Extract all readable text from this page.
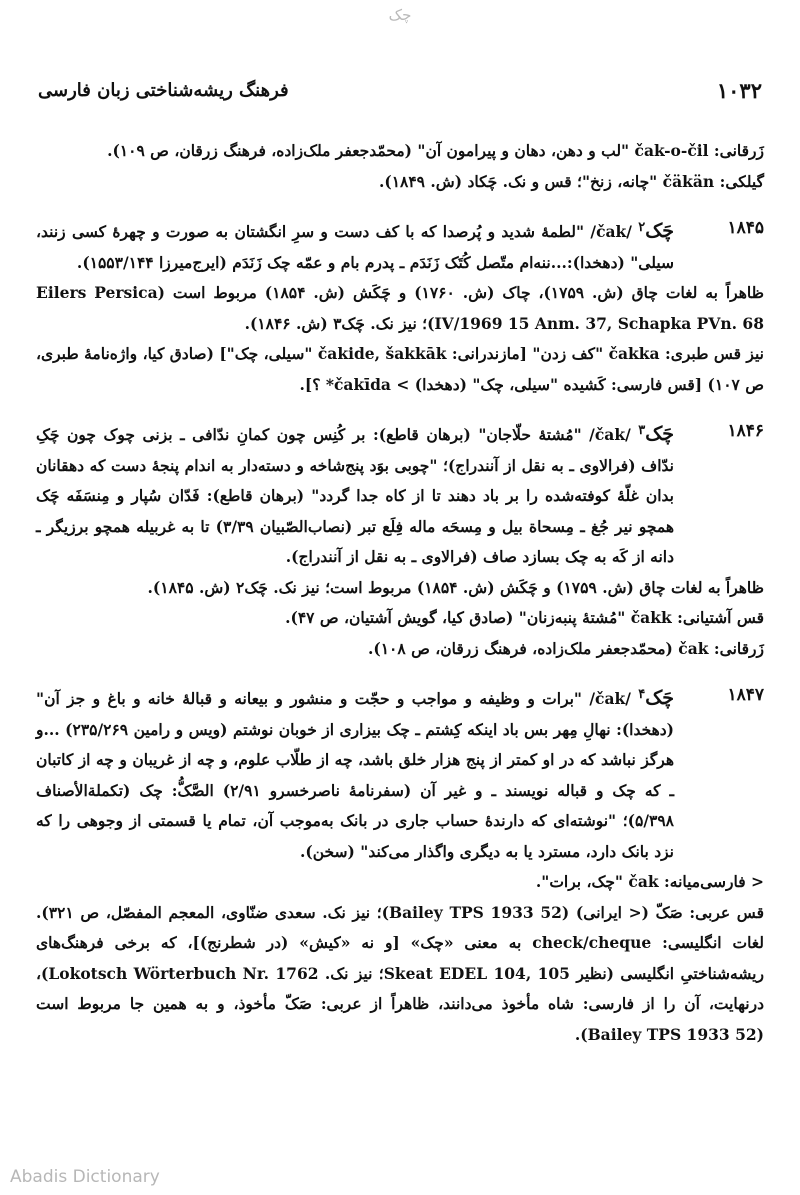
چک
فرهنگ ریشه‌شناختی زبان فارسی	۱۰۳۲

زَرقانی: čak-o-čil "لب و دهن، دهان و پیرامون آن" (محمّدجعفر ملک‌زاده، فرهنگ زرقان، ص ۱۰۹).

گیلکی: čäkän "چانه، زنخ"؛ قس و نک. چَکاد (ش. ۱۸۴۹).

۱۸۴۵
چَک$^۲$ /čak/ "لطمهٔ شدید و پُرصدا که با کف دست و سرِ انگشتان به صورت و چهرهٔ کسی زنند، سیلی" (دهخدا):...ننه‌ام متّصل کُتَک زَنَدَم ـ پدرم بام و عمّه چک زَنَدَم (ایرج‌میرزا ۱۵۵۳/۱۴۴).

ظاهراً به لغات چاق (ش. ۱۷۵۹)، چاک (ش. ۱۷۶۰) و چَکَش (ش. ۱۸۵۴) مربوط است (Eilers Persica IV/1969 15 Anm. 37, Schapka PVn. 68)؛ نیز نک. چَک۳ (ش. ۱۸۴۶).

نیز قس طبری: čakka "کف زدن" [مازندرانی: čakide, šakkāk "سیلی، چک"] (صادق کیا، واژه‌نامهٔ طبری، ص ۱۰۷) [قس فارسی: کَشیده "سیلی، چک" (دهخدا) > čakīda* ؟].

۱۸۴۶
چَک$^۳$ /čak/ "مُشتهٔ حلّاجان" (برهان قاطع): بر کُنِس چون کمانِ ندّافی ـ بزنی چوک چون چَکِ ندّاف (فرالاوی ـ به نقل از آنندراج)؛ "چوبی بوَد پنج‌شاخه و دسته‌دار به اندام پنجهٔ دست که دهقانان بدان غلّهٔ کوفته‌شده را بر باد دهند تا از کاه جدا گردد" (برهان قاطع): فَدّان سُپار و مِنسَفَه چَک همچو نیر جُغ ـ مِسحاة بیل و مِسحَه ماله فِلَع تبر (نصاب‌الصّبیان ۳/۳۹) تا به غربیله همچو برزیگر ـ دانه از کَه به چک بسازد صاف (فرالاوی ـ به نقل از آنندراج).

ظاهراً به لغات چاق (ش. ۱۷۵۹) و چَکَش (ش. ۱۸۵۴) مربوط است؛ نیز نک. چَک۲ (ش. ۱۸۴۵).

قس آشتیانی: čakk "مُشتهٔ پنبه‌زنان" (صادق کیا، گویش آشتیان، ص ۴۷).

زَرقانی: čak (محمّدجعفر ملک‌زاده، فرهنگ زرقان، ص ۱۰۸).

۱۸۴۷
چَک$^۴$ /čak/ "برات و وظیفه و مواجب و حجّت و منشور و بیعانه و قبالهٔ خانه و باغ و جز آن" (دهخدا): نهالِ مِهر بس باد اینکه کِشتم ـ چک بیزاری از خوبان نوشتم (ویس و رامین ۲۳۵/۲۶۹) ...و هرگز نباشد که در او کمتر از پنج هزار خلق باشد، چه از طلّاب علوم، و چه از غریبان و چه از کاتبان ـ که چک و قباله نویسند ـ و غیر آن (سفرنامهٔ ناصرخسرو ۲/۹۱) الصَّکُّ: چک (تکملة‌الأصناف ۵/۳۹۸)؛ "نوشته‌ای که دارندهٔ حساب جاری در بانک به‌موجب آن، تمام یا قسمتی از وجوهی را که نزد بانک دارد، مسترد یا به دیگری واگذار می‌کند" (سخن).

< فارسی‌میانه: čak "چک، برات".

قس عربی: صَکّ (< ایرانی) (Bailey TPS 1933 52)؛ نیز نک. سعدی ضنّاوی، المعجم المفصّل، ص ۳۲۱). لغات انگلیسی: check/cheque به معنی «چک» [و نه «کیش» (در شطرنج)]، که برخی فرهنگ‌های ریشه‌شناختیِ انگلیسی (نظیر Skeat EDEL 104, 105؛ نیز نک. Lokotsch Wörterbuch Nr. 1762)، درنهایت، آن را از فارسی: شاه مأخوذ می‌دانند، ظاهراً از عربی: صَکّ مأخوذ، و به همین جا مربوط است (Bailey TPS 1933 52).

Abadis Dictionary
